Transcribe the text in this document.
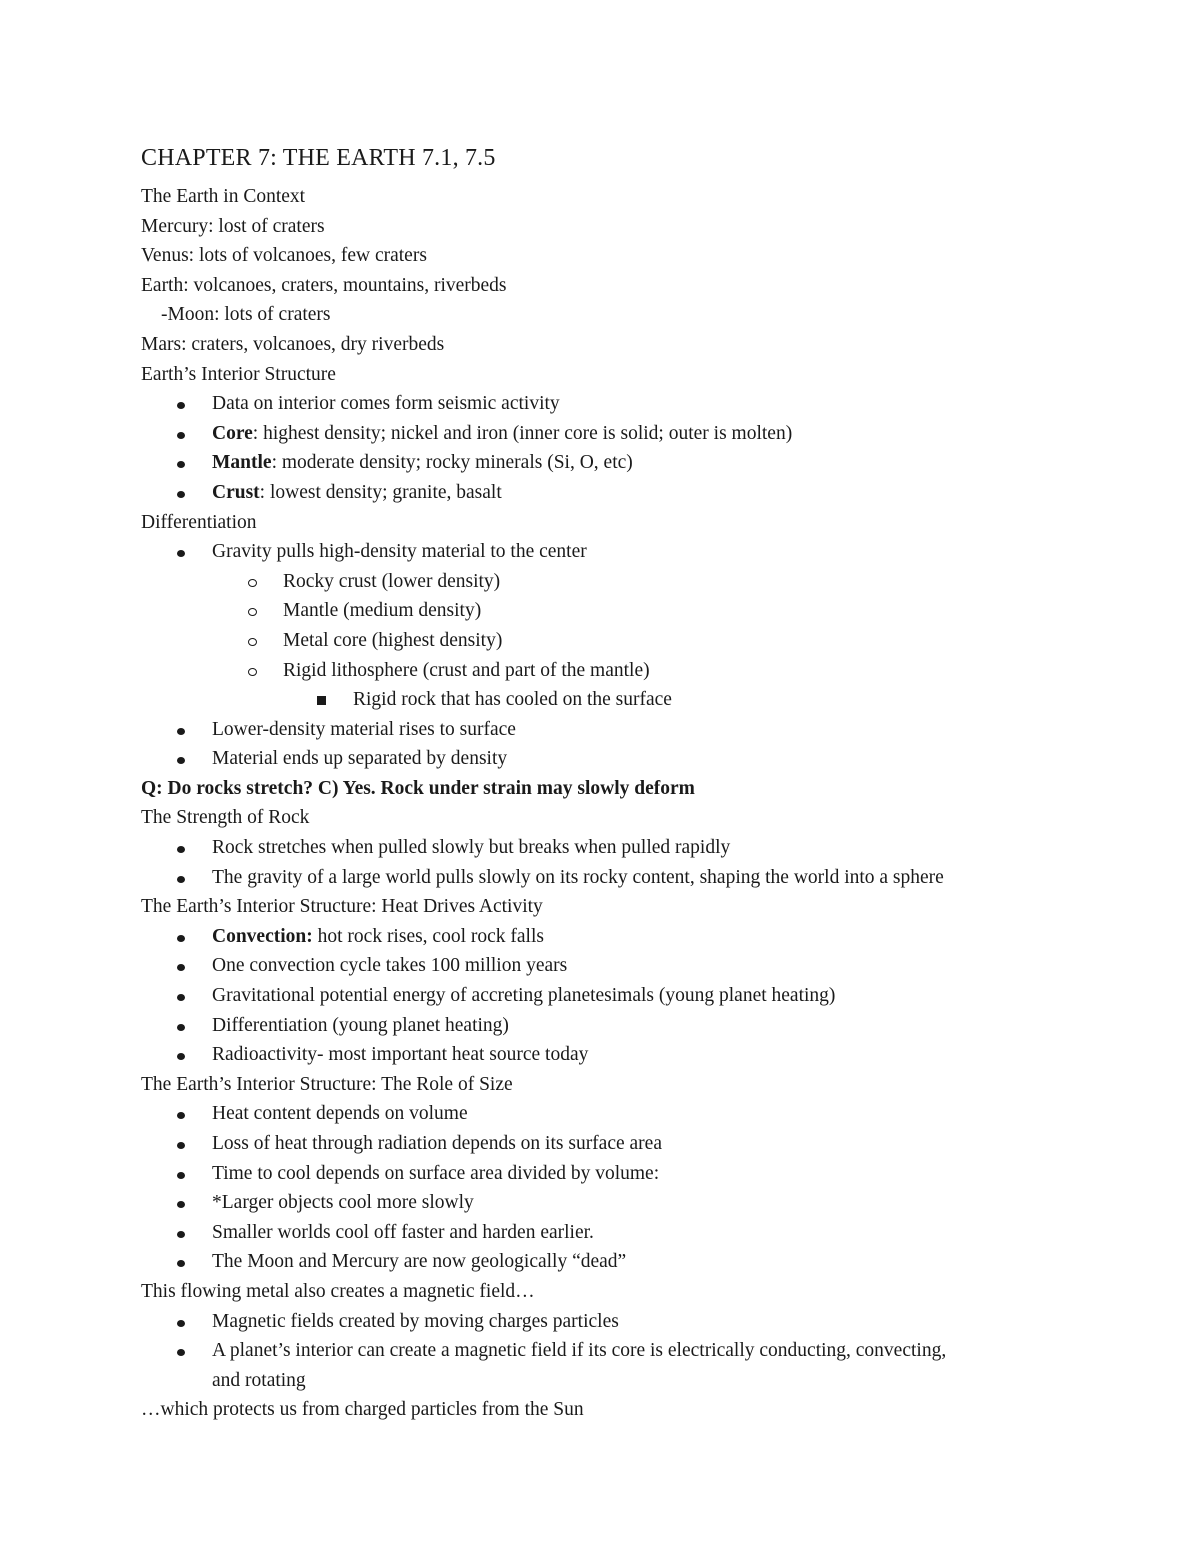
CHAPTER 7: THE EARTH 7.1, 7.5
The Earth in Context
Mercury: lost of craters
Venus: lots of volcanoes, few craters
Earth: volcanoes, craters, mountains, riverbeds
-Moon: lots of craters
Mars: craters, volcanoes, dry riverbeds
Earth’s Interior Structure
Data on interior comes form seismic activity
Core: highest density; nickel and iron (inner core is solid; outer is molten)
Mantle: moderate density; rocky minerals (Si, O, etc)
Crust: lowest density; granite, basalt
Differentiation
Gravity pulls high-density material to the center
Rocky crust (lower density)
Mantle (medium density)
Metal core (highest density)
Rigid lithosphere (crust and part of the mantle)
Rigid rock that has cooled on the surface
Lower-density material rises to surface
Material ends up separated by density
Q: Do rocks stretch? C) Yes. Rock under strain may slowly deform
The Strength of Rock
Rock stretches when pulled slowly but breaks when pulled rapidly
The gravity of a large world pulls slowly on its rocky content, shaping the world into a sphere
The Earth’s Interior Structure: Heat Drives Activity
Convection: hot rock rises, cool rock falls
One convection cycle takes 100 million years
Gravitational potential energy of accreting planetesimals (young planet heating)
Differentiation (young planet heating)
Radioactivity- most important heat source today
The Earth’s Interior Structure: The Role of Size
Heat content depends on volume
Loss of heat through radiation depends on its surface area
Time to cool depends on surface area divided by volume:
*Larger objects cool more slowly
Smaller worlds cool off faster and harden earlier.
The Moon and Mercury are now geologically “dead”
This flowing metal also creates a magnetic field…
Magnetic fields created by moving charges particles
A planet’s interior can create a magnetic field if its core is electrically conducting, convecting,
and rotating
…which protects us from charged particles from the Sun
